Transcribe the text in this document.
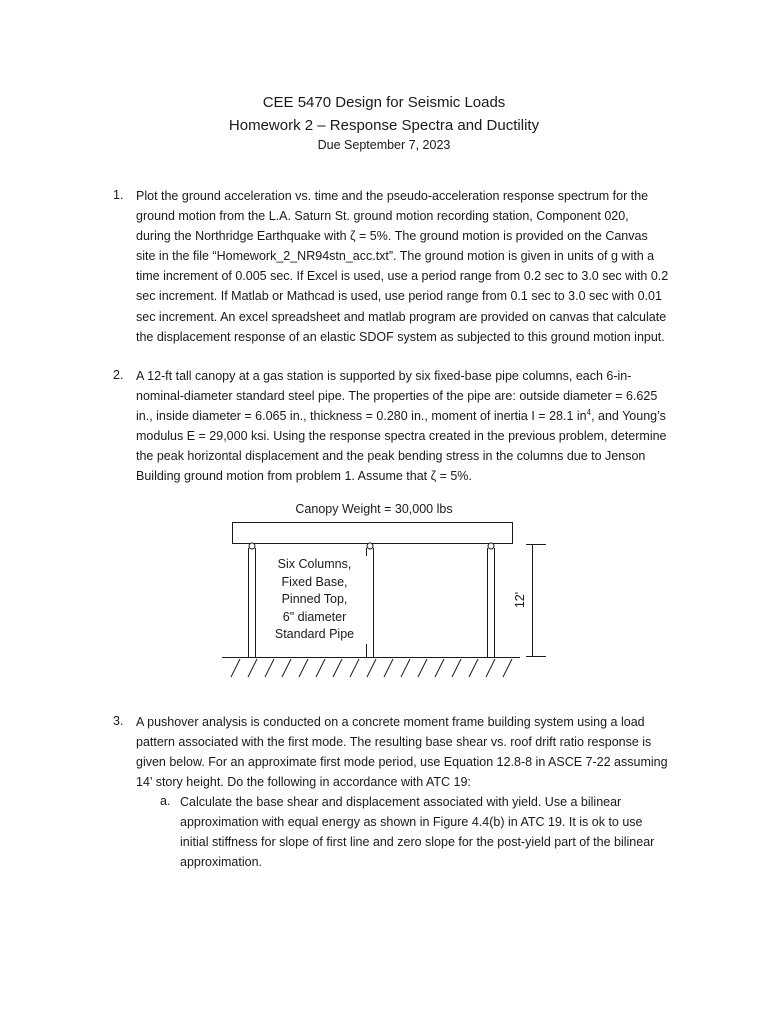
CEE 5470 Design for Seismic Loads
Homework 2 – Response Spectra and Ductility
Due September 7, 2023
1. Plot the ground acceleration vs. time and the pseudo-acceleration response spectrum for the
ground motion from the L.A. Saturn St. ground motion recording station, Component 020,
during the Northridge Earthquake with ζ = 5%. The ground motion is provided on the Canvas
site in the file “Homework_2_NR94stn_acc.txt”. The ground motion is given in units of g with a
time increment of 0.005 sec. If Excel is used, use a period range from 0.2 sec to 3.0 sec with 0.2
sec increment. If Matlab or Mathcad is used, use period range from 0.1 sec to 3.0 sec with 0.01
sec increment. An excel spreadsheet and matlab program are provided on canvas that calculate
the displacement response of an elastic SDOF system as subjected to this ground motion input.
2. A 12-ft tall canopy at a gas station is supported by six fixed-base pipe columns, each 6-in-
nominal-diameter standard steel pipe. The properties of the pipe are: outside diameter = 6.625
in., inside diameter = 6.065 in., thickness = 0.280 in., moment of inertia I = 28.1 $in^4$, and Young’s
modulus E = 29,000 ksi. Using the response spectra created in the previous problem, determine
the peak horizontal displacement and the peak bending stress in the columns due to Jenson
Building ground motion from problem 1. Assume that ζ = 5%.
Canopy Weight = 30,000 lbs
Six Columns,
Fixed Base,
Pinned Top,
6" diameter
Standard Pipe
12'
3. A pushover analysis is conducted on a concrete moment frame building system using a load
pattern associated with the first mode. The resulting base shear vs. roof drift ratio response is
given below. For an approximate first mode period, use Equation 12.8-8 in ASCE 7-22 assuming
14’ story height. Do the following in accordance with ATC 19:
a. Calculate the base shear and displacement associated with yield. Use a bilinear
approximation with equal energy as shown in Figure 4.4(b) in ATC 19. It is ok to use
initial stiffness for slope of first line and zero slope for the post-yield part of the bilinear
approximation.
